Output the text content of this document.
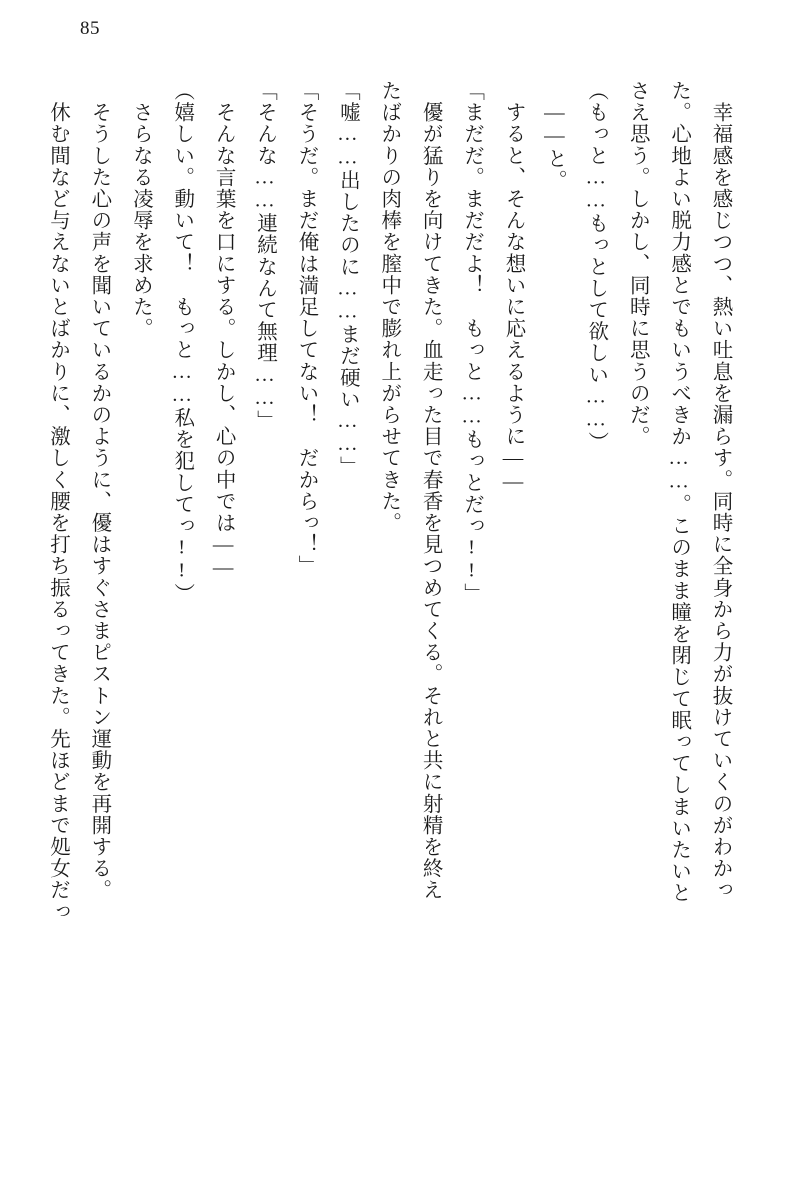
85
　幸福感を感じつつ、熱い吐息を漏らす。同時に全身から力が抜けていくのがわかっ
た。心地よい脱力感とでもいうべきか……。このまま瞳を閉じて眠ってしまいたいと
さえ思う。しかし、同時に思うのだ。
（もっと……もっとして欲しい……）
　――と。
　すると、そんな想いに応えるように――
「まだだ。まだだよ！　もっと……もっとだっ!!」
　優が猛りを向けてきた。血走った目で春香を見つめてくる。それと共に射精を終え
たばかりの肉棒を膣中で膨れ上がらせてきた。
「嘘……出したのに……まだ硬い……」
「そうだ。まだ俺は満足してない！　だからっ！」
「そんな……連続なんて無理……」
　そんな言葉を口にする。しかし、心の中では――
（嬉しい。動いて！　もっと……私を犯してっ!!）
　さらなる凌辱を求めた。
　そうした心の声を聞いているかのように、優はすぐさまピストン運動を再開する。
　休む間など与えないとばかりに、激しく腰を打ち振るってきた。先ほどまで処女だっ
